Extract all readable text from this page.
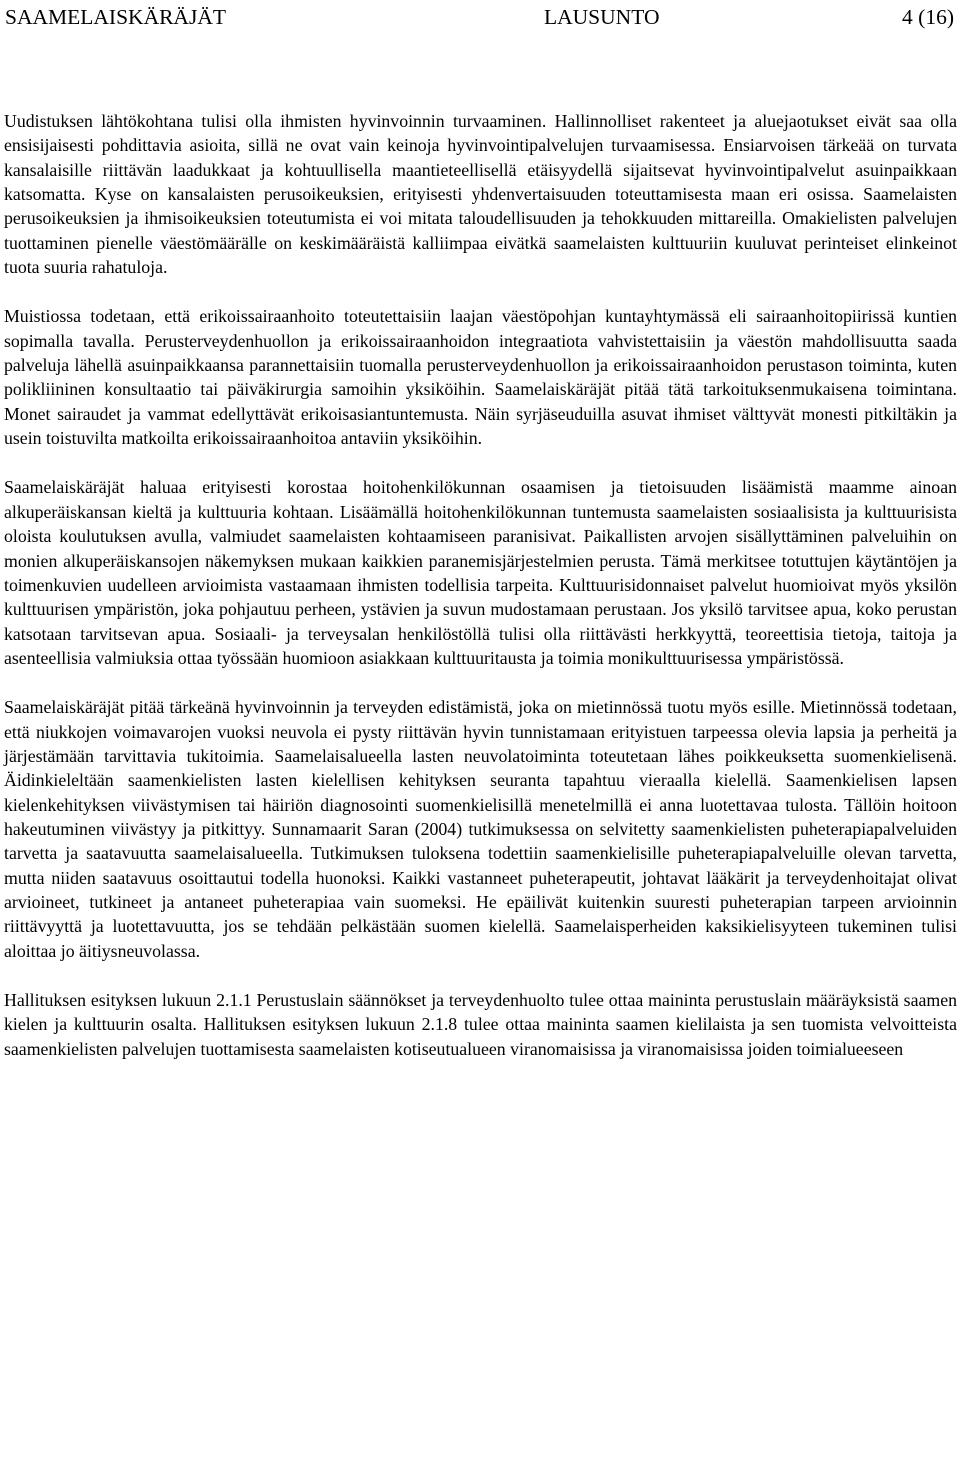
SAAMELAISKÄRÄJÄT	LAUSUNTO	4 (16)

Uudistuksen lähtökohtana tulisi olla ihmisten hyvinvoinnin turvaaminen. Hallinnolliset rakenteet ja aluejaotukset eivät saa olla ensisijaisesti pohdittavia asioita, sillä ne ovat vain keinoja hyvinvointipalvelujen turvaamisessa. Ensiarvoisen tärkeää on turvata kansalaisille riittävän laadukkaat ja kohtuullisella maantieteellisellä etäisyydellä sijaitsevat hyvinvointipalvelut asuinpaikkaan katsomatta. Kyse on kansalaisten perusoikeuksien, erityisesti yhdenvertaisuuden toteuttamisesta maan eri osissa. Saamelaisten perusoikeuksien ja ihmisoikeuksien toteutumista ei voi mitata taloudellisuuden ja tehokkuuden mittareilla. Omakielisten palvelujen tuottaminen pienelle väestömäärälle on keskimääräistä kalliimpaa eivätkä saamelaisten kulttuuriin kuuluvat perinteiset elinkeinot tuota suuria rahatuloja.

Muistiossa todetaan, että erikoissairaanhoito toteutettaisiin laajan väestöpohjan kuntayhtymässä eli sairaanhoitopiirissä kuntien sopimalla tavalla. Perusterveydenhuollon ja erikoissairaanhoidon integraatiota vahvistettaisiin ja väestön mahdollisuutta saada palveluja lähellä asuinpaikkaansa parannettaisiin tuomalla perusterveydenhuollon ja erikoissairaanhoidon perustason toiminta, kuten polikliininen konsultaatio tai päiväkirurgia samoihin yksiköihin. Saamelaiskäräjät pitää tätä tarkoituksenmukaisena toimintana. Monet sairaudet ja vammat edellyttävät erikoisasiantuntemusta. Näin syrjäseuduilla asuvat ihmiset välttyvät monesti pitkiltäkin ja usein toistuvilta matkoilta erikoissairaanhoitoa antaviin yksiköihin.

Saamelaiskäräjät haluaa erityisesti korostaa hoitohenkilökunnan osaamisen ja tietoisuuden lisäämistä maamme ainoan alkuperäiskansan kieltä ja kulttuuria kohtaan. Lisäämällä hoitohenkilökunnan tuntemusta saamelaisten sosiaalisista ja kulttuurisista oloista koulutuksen avulla, valmiudet saamelaisten kohtaamiseen paranisivat. Paikallisten arvojen sisällyttäminen palveluihin on monien alkuperäiskansojen näkemyksen mukaan kaikkien paranemisjärjestelmien perusta. Tämä merkitsee totuttujen käytäntöjen ja toimenkuvien uudelleen arvioimista vastaamaan ihmisten todellisia tarpeita. Kulttuurisidonnaiset palvelut huomioivat myös yksilön kulttuurisen ympäristön, joka pohjautuu perheen, ystävien ja suvun mudostamaan perustaan. Jos yksilö tarvitsee apua, koko perustan katsotaan tarvitsevan apua. Sosiaali- ja terveysalan henkilöstöllä tulisi olla riittävästi herkkyyttä, teoreettisia tietoja, taitoja ja asenteellisia valmiuksia ottaa työssään huomioon asiakkaan kulttuuritausta ja toimia monikulttuurisessa ympäristössä.

Saamelaiskäräjät pitää tärkeänä hyvinvoinnin ja terveyden edistämistä, joka on mietinnössä tuotu myös esille. Mietinnössä todetaan, että niukkojen voimavarojen vuoksi neuvola ei pysty riittävän hyvin tunnistamaan erityistuen tarpeessa olevia lapsia ja perheitä ja järjestämään tarvittavia tukitoimia. Saamelaisalueella lasten neuvolatoiminta toteutetaan lähes poikkeuksetta suomenkielisenä. Äidinkieleltään saamenkielisten lasten kielellisen kehityksen seuranta tapahtuu vieraalla kielellä. Saamenkielisen lapsen kielenkehityksen viivästymisen tai häiriön diagnosointi suomenkielisillä menetelmillä ei anna luotettavaa tulosta. Tällöin hoitoon hakeutuminen viivästyy ja pitkittyy. Sunnamaarit Saran (2004) tutkimuksessa on selvitetty saamenkielisten puheterapiapalveluiden tarvetta ja saatavuutta saamelaisalueella. Tutkimuksen tuloksena todettiin saamenkielisille puheterapiapalveluille olevan tarvetta, mutta niiden saatavuus osoittautui todella huonoksi. Kaikki vastanneet puheterapeutit, johtavat lääkärit ja terveydenhoitajat olivat arvioineet, tutkineet ja antaneet puheterapiaa vain suomeksi. He epäilivät kuitenkin suuresti puheterapian tarpeen arvioinnin riittävyyttä ja luotettavuutta, jos se tehdään pelkästään suomen kielellä. Saamelaisperheiden kaksikielisyyteen tukeminen tulisi aloittaa jo äitiysneuvolassa.

Hallituksen esityksen lukuun 2.1.1 Perustuslain säännökset ja terveydenhuolto tulee ottaa maininta perustuslain määräyksistä saamen kielen ja kulttuurin osalta. Hallituksen esityksen lukuun 2.1.8 tulee ottaa maininta saamen kielilaista ja sen tuomista velvoitteista saamenkielisten palvelujen tuottamisesta saamelaisten kotiseutualueen viranomaisissa ja viranomaisissa joiden toimialueeseen
